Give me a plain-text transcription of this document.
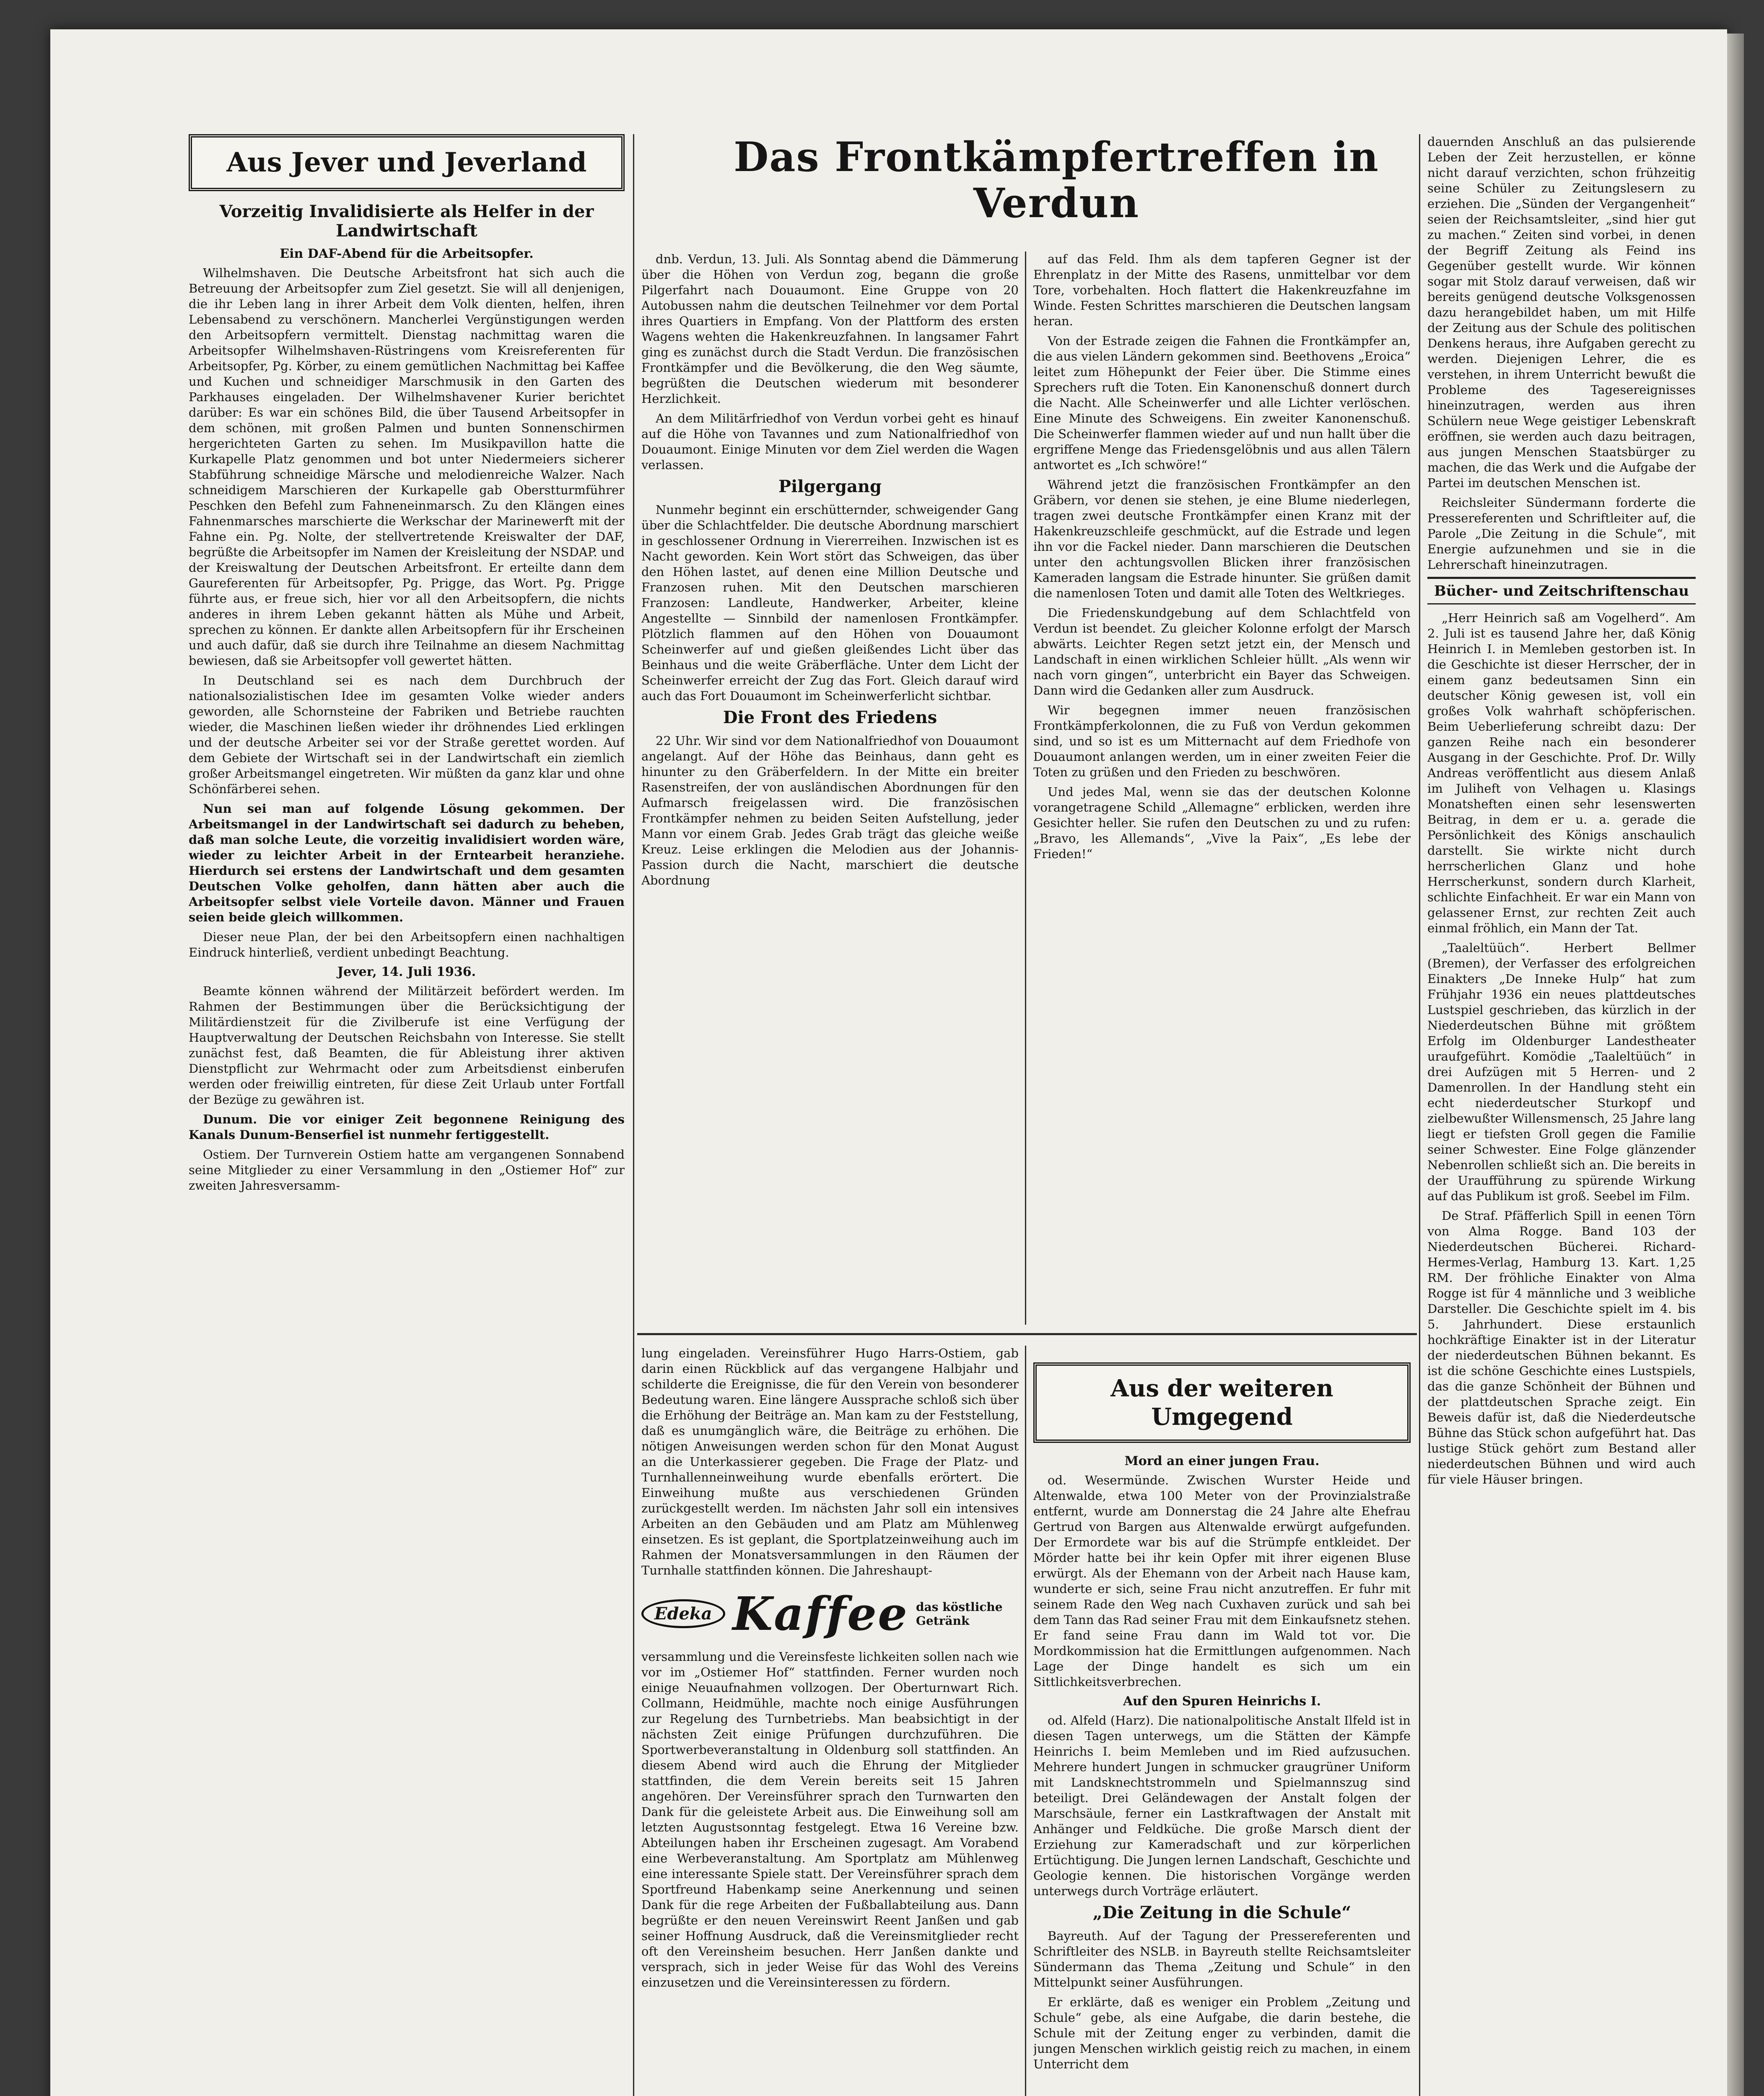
Aus Jever und Jeverland
Vorzeitig Invalidisierte als Helfer in der Landwirtschaft
Ein DAF-Abend für die Arbeitsopfer.

Wilhelmshaven. Die Deutsche Arbeitsfront hat sich auch die Betreuung der Arbeitsopfer zum Ziel gesetzt. Sie will all denjenigen, die ihr Leben lang in ihrer Arbeit dem Volk dienten, helfen, ihren Lebensabend zu verschönern. Mancherlei Vergünstigungen werden den Arbeitsopfern vermittelt. Dienstag nachmittag waren die Arbeitsopfer Wilhelmshaven-Rüstringens vom Kreisreferenten für Arbeitsopfer, Pg. Körber, zu einem gemütlichen Nachmittag bei Kaffee und Kuchen und schneidiger Marschmusik in den Garten des Parkhauses eingeladen. Der Wilhelmshavener Kurier berichtet darüber: Es war ein schönes Bild, die über Tausend Arbeitsopfer in dem schönen, mit großen Palmen und bunten Sonnenschirmen hergerichteten Garten zu sehen. Im Musikpavillon hatte die Kurkapelle Platz genommen und bot unter Niedermeiers sicherer Stabführung schneidige Märsche und melodienreiche Walzer. Nach schneidigem Marschieren der Kurkapelle gab Oberstturmführer Peschken den Befehl zum Fahneneinmarsch. Zu den Klängen eines Fahnenmarsches marschierte die Werkschar der Marinewerft mit der Fahne ein. Pg. Nolte, der stellvertretende Kreiswalter der DAF, begrüßte die Arbeitsopfer im Namen der Kreisleitung der NSDAP. und der Kreiswaltung der Deutschen Arbeitsfront. Er erteilte dann dem Gaureferenten für Arbeitsopfer, Pg. Prigge, das Wort. Pg. Prigge führte aus, er freue sich, hier vor all den Arbeitsopfern, die nichts anderes in ihrem Leben gekannt hätten als Mühe und Arbeit, sprechen zu können. Er dankte allen Arbeitsopfern für ihr Erscheinen und auch dafür, daß sie durch ihre Teilnahme an diesem Nachmittag bewiesen, daß sie Arbeitsopfer voll gewertet hätten.

In Deutschland sei es nach dem Durchbruch der nationalsozialistischen Idee im gesamten Volke wieder anders geworden, alle Schornsteine der Fabriken und Betriebe rauchten wieder, die Maschinen ließen wieder ihr dröhnendes Lied erklingen und der deutsche Arbeiter sei vor der Straße gerettet worden. Auf dem Gebiete der Wirtschaft sei in der Landwirtschaft ein ziemlich großer Arbeitsmangel eingetreten. Wir müßten da ganz klar und ohne Schönfärberei sehen.

Nun sei man auf folgende Lösung gekommen. Der Arbeitsmangel in der Landwirtschaft sei dadurch zu beheben, daß man solche Leute, die vorzeitig invalidisiert worden wäre, wieder zu leichter Arbeit in der Erntearbeit heranziehe. Hierdurch sei erstens der Landwirtschaft und dem gesamten Deutschen Volke geholfen, dann hätten aber auch die Arbeitsopfer selbst viele Vorteile davon. Männer und Frauen seien beide gleich willkommen.

Dieser neue Plan, der bei den Arbeitsopfern einen nachhaltigen Eindruck hinterließ, verdient unbedingt Beachtung.

Jever, 14. Juli 1936.

Beamte können während der Militärzeit befördert werden. Im Rahmen der Bestimmungen über die Berücksichtigung der Militärdienstzeit für die Zivilberufe ist eine Verfügung der Hauptverwaltung der Deutschen Reichsbahn von Interesse. Sie stellt zunächst fest, daß Beamten, die für Ableistung ihrer aktiven Dienstpflicht zur Wehrmacht oder zum Arbeitsdienst einberufen werden oder freiwillig eintreten, für diese Zeit Urlaub unter Fortfall der Bezüge zu gewähren ist.

Dunum. Die vor einiger Zeit begonnene Reinigung des Kanals Dunum-Benserfiel ist nunmehr fertiggestellt.

Ostiem. Der Turnverein Ostiem hatte am vergangenen Sonnabend seine Mitglieder zu einer Versammlung in den „Ostiemer Hof“ zur zweiten Jahresversamm-

Das Frontkämpfertreffen in Verdun

dnb. Verdun, 13. Juli. Als Sonntag abend die Dämmerung über die Höhen von Verdun zog, begann die große Pilgerfahrt nach Douaumont. Eine Gruppe von 20 Autobussen nahm die deutschen Teilnehmer vor dem Portal ihres Quartiers in Empfang. Von der Plattform des ersten Wagens wehten die Hakenkreuzfahnen. In langsamer Fahrt ging es zunächst durch die Stadt Verdun. Die französischen Frontkämpfer und die Bevölkerung, die den Weg säumte, begrüßten die Deutschen wiederum mit besonderer Herzlichkeit.

An dem Militärfriedhof von Verdun vorbei geht es hinauf auf die Höhe von Tavannes und zum Nationalfriedhof von Douaumont. Einige Minuten vor dem Ziel werden die Wagen verlassen.

Pilgergang

Nunmehr beginnt ein erschütternder, schweigender Gang über die Schlachtfelder. Die deutsche Abordnung marschiert in geschlossener Ordnung in Viererreihen. Inzwischen ist es Nacht geworden. Kein Wort stört das Schweigen, das über den Höhen lastet, auf denen eine Million Deutsche und Franzosen ruhen. Mit den Deutschen marschieren Franzosen: Landleute, Handwerker, Arbeiter, kleine Angestellte — Sinnbild der namenlosen Frontkämpfer. Plötzlich flammen auf den Höhen von Douaumont Scheinwerfer auf und gießen gleißendes Licht über das Beinhaus und die weite Gräberfläche. Unter dem Licht der Scheinwerfer erreicht der Zug das Fort. Gleich darauf wird auch das Fort Douaumont im Scheinwerferlicht sichtbar.

Die Front des Friedens

22 Uhr. Wir sind vor dem Nationalfriedhof von Douaumont angelangt. Auf der Höhe das Beinhaus, dann geht es hinunter zu den Gräberfeldern. In der Mitte ein breiter Rasenstreifen, der von ausländischen Abordnungen für den Aufmarsch freigelassen wird. Die französischen Frontkämpfer nehmen zu beiden Seiten Aufstellung, jeder Mann vor einem Grab. Jedes Grab trägt das gleiche weiße Kreuz. Leise erklingen die Melodien aus der Johannis-Passion durch die Nacht, marschiert die deutsche Abordnung

auf das Feld. Ihm als dem tapferen Gegner ist der Ehrenplatz in der Mitte des Rasens, unmittelbar vor dem Tore, vorbehalten. Hoch flattert die Hakenkreuzfahne im Winde. Festen Schrittes marschieren die Deutschen langsam heran.

Von der Estrade zeigen die Fahnen die Frontkämpfer an, die aus vielen Ländern gekommen sind. Beethovens „Eroica“ leitet zum Höhepunkt der Feier über. Die Stimme eines Sprechers ruft die Toten. Ein Kanonenschuß donnert durch die Nacht. Alle Scheinwerfer und alle Lichter verlöschen. Eine Minute des Schweigens. Ein zweiter Kanonenschuß. Die Scheinwerfer flammen wieder auf und nun hallt über die ergriffene Menge das Friedensgelöbnis und aus allen Tälern antwortet es „Ich schwöre!“

Während jetzt die französischen Frontkämpfer an den Gräbern, vor denen sie stehen, je eine Blume niederlegen, tragen zwei deutsche Frontkämpfer einen Kranz mit der Hakenkreuzschleife geschmückt, auf die Estrade und legen ihn vor die Fackel nieder. Dann marschieren die Deutschen unter den achtungsvollen Blicken ihrer französischen Kameraden langsam die Estrade hinunter. Sie grüßen damit die namenlosen Toten und damit alle Toten des Weltkrieges.

Die Friedenskundgebung auf dem Schlachtfeld von Verdun ist beendet. Zu gleicher Kolonne erfolgt der Marsch abwärts. Leichter Regen setzt jetzt ein, der Mensch und Landschaft in einen wirklichen Schleier hüllt. „Als wenn wir nach vorn gingen“, unterbricht ein Bayer das Schweigen. Dann wird die Gedanken aller zum Ausdruck.

Wir begegnen immer neuen französischen Frontkämpferkolonnen, die zu Fuß von Verdun gekommen sind, und so ist es um Mitternacht auf dem Friedhofe von Douaumont anlangen werden, um in einer zweiten Feier die Toten zu grüßen und den Frieden zu beschwören.

Und jedes Mal, wenn sie das der deutschen Kolonne vorangetragene Schild „Allemagne“ erblicken, werden ihre Gesichter heller. Sie rufen den Deutschen zu und zu rufen: „Bravo, les Allemands“, „Vive la Paix“, „Es lebe der Frieden!“

lung eingeladen. Vereinsführer Hugo Harrs-Ostiem, gab darin einen Rückblick auf das vergangene Halbjahr und schilderte die Ereignisse, die für den Verein von besonderer Bedeutung waren. Eine längere Aussprache schloß sich über die Erhöhung der Beiträge an. Man kam zu der Feststellung, daß es unumgänglich wäre, die Beiträge zu erhöhen. Die nötigen Anweisungen werden schon für den Monat August an die Unterkassierer gegeben. Die Frage der Platz- und Turnhallenneinweihung wurde ebenfalls erörtert. Die Einweihung mußte aus verschiedenen Gründen zurückgestellt werden. Im nächsten Jahr soll ein intensives Arbeiten an den Gebäuden und am Platz am Mühlenweg einsetzen. Es ist geplant, die Sportplatzeinweihung auch im Rahmen der Monatsversammlungen in den Räumen der Turnhalle stattfinden können. Die Jahreshaupt-

Edeka Kaffee das köstliche Getränk

versammlung und die Vereinsfeste lichkeiten sollen nach wie vor im „Ostiemer Hof“ stattfinden. Ferner wurden noch einige Neuaufnahmen vollzogen. Der Oberturnwart Rich. Collmann, Heidmühle, machte noch einige Ausführungen zur Regelung des Turnbetriebs. Man beabsichtigt in der nächsten Zeit einige Prüfungen durchzuführen. Die Sportwerbeveranstaltung in Oldenburg soll stattfinden. An diesem Abend wird auch die Ehrung der Mitglieder stattfinden, die dem Verein bereits seit 15 Jahren angehören. Der Vereinsführer sprach den Turnwarten den Dank für die geleistete Arbeit aus. Die Einweihung soll am letzten Augustsonntag festgelegt. Etwa 16 Vereine bzw. Abteilungen haben ihr Erscheinen zugesagt. Am Vorabend eine Werbeveranstaltung. Am Sportplatz am Mühlenweg eine interessante Spiele statt. Der Vereinsführer sprach dem Sportfreund Habenkamp seine Anerkennung und seinen Dank für die rege Arbeiten der Fußballabteilung aus. Dann begrüßte er den neuen Vereinswirt Reent Janßen und gab seiner Hoffnung Ausdruck, daß die Vereinsmitglieder recht oft den Vereinsheim besuchen. Herr Janßen dankte und versprach, sich in jeder Weise für das Wohl des Vereins einzusetzen und die Vereinsinteressen zu fördern.

Aus der weiteren Umgegend
Mord an einer jungen Frau.

od. Wesermünde. Zwischen Wurster Heide und Altenwalde, etwa 100 Meter von der Provinzialstraße entfernt, wurde am Donnerstag die 24 Jahre alte Ehefrau Gertrud von Bargen aus Altenwalde erwürgt aufgefunden. Der Ermordete war bis auf die Strümpfe entkleidet. Der Mörder hatte bei ihr kein Opfer mit ihrer eigenen Bluse erwürgt. Als der Ehemann von der Arbeit nach Hause kam, wunderte er sich, seine Frau nicht anzutreffen. Er fuhr mit seinem Rade den Weg nach Cuxhaven zurück und sah bei dem Tann das Rad seiner Frau mit dem Einkaufsnetz stehen. Er fand seine Frau dann im Wald tot vor. Die Mordkommission hat die Ermittlungen aufgenommen. Nach Lage der Dinge handelt es sich um ein Sittlichkeitsverbrechen.

Auf den Spuren Heinrichs I.

od. Alfeld (Harz). Die nationalpolitische Anstalt Ilfeld ist in diesen Tagen unterwegs, um die Stätten der Kämpfe Heinrichs I. beim Memleben und im Ried aufzusuchen. Mehrere hundert Jungen in schmucker graugrüner Uniform mit Landsknechtstrommeln und Spielmannszug sind beteiligt. Drei Geländewagen der Anstalt folgen der Marschsäule, ferner ein Lastkraftwagen der Anstalt mit Anhänger und Feldküche. Die große Marsch dient der Erziehung zur Kameradschaft und zur körperlichen Ertüchtigung. Die Jungen lernen Landschaft, Geschichte und Geologie kennen. Die historischen Vorgänge werden unterwegs durch Vorträge erläutert.

„Die Zeitung in die Schule“

Bayreuth. Auf der Tagung der Pressereferenten und Schriftleiter des NSLB. in Bayreuth stellte Reichsamtsleiter Sündermann das Thema „Zeitung und Schule“ in den Mittelpunkt seiner Ausführungen.

Er erklärte, daß es weniger ein Problem „Zeitung und Schule“ gebe, als eine Aufgabe, die darin bestehe, die Schule mit der Zeitung enger zu verbinden, damit die jungen Menschen wirklich geistig reich zu machen, in einem Unterricht dem

dauernden Anschluß an das pulsierende Leben der Zeit herzustellen, er könne nicht darauf verzichten, schon frühzeitig seine Schüler zu Zeitungslesern zu erziehen. Die „Sünden der Vergangenheit“ seien der Reichsamtsleiter, „sind hier gut zu machen.“ Zeiten sind vorbei, in denen der Begriff Zeitung als Feind ins Gegenüber gestellt wurde. Wir können sogar mit Stolz darauf verweisen, daß wir bereits genügend deutsche Volksgenossen dazu herangebildet haben, um mit Hilfe der Zeitung aus der Schule des politischen Denkens heraus, ihre Aufgaben gerecht zu werden. Diejenigen Lehrer, die es verstehen, in ihrem Unterricht bewußt die Probleme des Tagesereignisses hineinzutragen, werden aus ihren Schülern neue Wege geistiger Lebenskraft eröffnen, sie werden auch dazu beitragen, aus jungen Menschen Staatsbürger zu machen, die das Werk und die Aufgabe der Partei im deutschen Menschen ist.

Reichsleiter Sündermann forderte die Pressereferenten und Schriftleiter auf, die Parole „Die Zeitung in die Schule“, mit Energie aufzunehmen und sie in die Lehrerschaft hineinzutragen.

Bücher- und Zeitschriftenschau

„Herr Heinrich saß am Vogelherd“. Am 2. Juli ist es tausend Jahre her, daß König Heinrich I. in Memleben gestorben ist. In die Geschichte ist dieser Herrscher, der in einem ganz bedeutsamen Sinn ein deutscher König gewesen ist, voll ein großes Volk wahrhaft schöpferischen. Beim Ueberlieferung schreibt dazu: Der ganzen Reihe nach ein besonderer Ausgang in der Geschichte. Prof. Dr. Willy Andreas veröffentlicht aus diesem Anlaß im Juliheft von Velhagen u. Klasings Monatsheften einen sehr lesenswerten Beitrag, in dem er u. a. gerade die Persönlichkeit des Königs anschaulich darstellt. Sie wirkte nicht durch herrscherlichen Glanz und hohe Herrscherkunst, sondern durch Klarheit, schlichte Einfachheit. Er war ein Mann von gelassener Ernst, zur rechten Zeit auch einmal fröhlich, ein Mann der Tat.

„Taaleltüüch“. Herbert Bellmer (Bremen), der Verfasser des erfolgreichen Einakters „De Inneke Hulp“ hat zum Frühjahr 1936 ein neues plattdeutsches Lustspiel geschrieben, das kürzlich in der Niederdeutschen Bühne mit größtem Erfolg im Oldenburger Landestheater uraufgeführt. Komödie „Taaleltüüch“ in drei Aufzügen mit 5 Herren- und 2 Damenrollen. In der Handlung steht ein echt niederdeutscher Sturkopf und zielbewußter Willensmensch, 25 Jahre lang liegt er tiefsten Groll gegen die Familie seiner Schwester. Eine Folge glänzender Nebenrollen schließt sich an. Die bereits in der Uraufführung zu spürende Wirkung auf das Publikum ist groß. Seebel im Film.

De Straf. Pfäfferlich Spill in eenen Törn von Alma Rogge. Band 103 der Niederdeutschen Bücherei. Richard-Hermes-Verlag, Hamburg 13. Kart. 1,25 RM. Der fröhliche Einakter von Alma Rogge ist für 4 männliche und 3 weibliche Darsteller. Die Geschichte spielt im 4. bis 5. Jahrhundert. Diese erstaunlich hochkräftige Einakter ist in der Literatur der niederdeutschen Bühnen bekannt. Es ist die schöne Geschichte eines Lustspiels, das die ganze Schönheit der Bühnen und der plattdeutschen Sprache zeigt. Ein Beweis dafür ist, daß die Niederdeutsche Bühne das Stück schon aufgeführt hat. Das lustige Stück gehört zum Bestand aller niederdeutschen Bühnen und wird auch für viele Häuser bringen.
